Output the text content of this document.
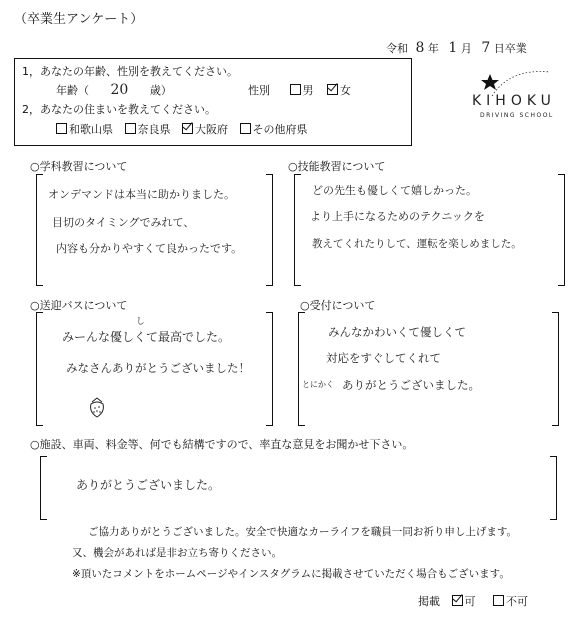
（卒業生アンケート）
令和 8 年 1 月 7 日卒業
1，あなたの年齢、性別を教えてください。
年齢（ 20 歳）	性別	男 女
2，あなたの住まいを教えてください。
和歌山県 奈良県 大阪府 その他府県
KIHOKU
DRIVING SCHOOL
○学科教習について
オンデマンドは本当に助かりました。
目切のタイミングでみれて、
内容も分かりやすくて良かったです。
○技能教習について
どの先生も優しくて嬉しかった。
より上手になるためのテクニックを
教えてくれたりして、運転を楽しめました。
○送迎バスについて
し
みーんな優しくて最高でした。
みなさんありがとうございました！
○受付について
みんなかわいくて優しくて
対応をすぐしてくれて
とにかく ありがとうございました。
○施設、車両、料金等、何でも結構ですので、率直な意見をお聞かせ下さい。
ありがとうございました。
ご協力ありがとうございました。安全で快適なカーライフを職員一同お祈り申し上げます。
又、機会があれば是非お立ち寄りください。
※頂いたコメントをホームページやインスタグラムに掲載させていただく場合もございます。
掲載 可	不可
